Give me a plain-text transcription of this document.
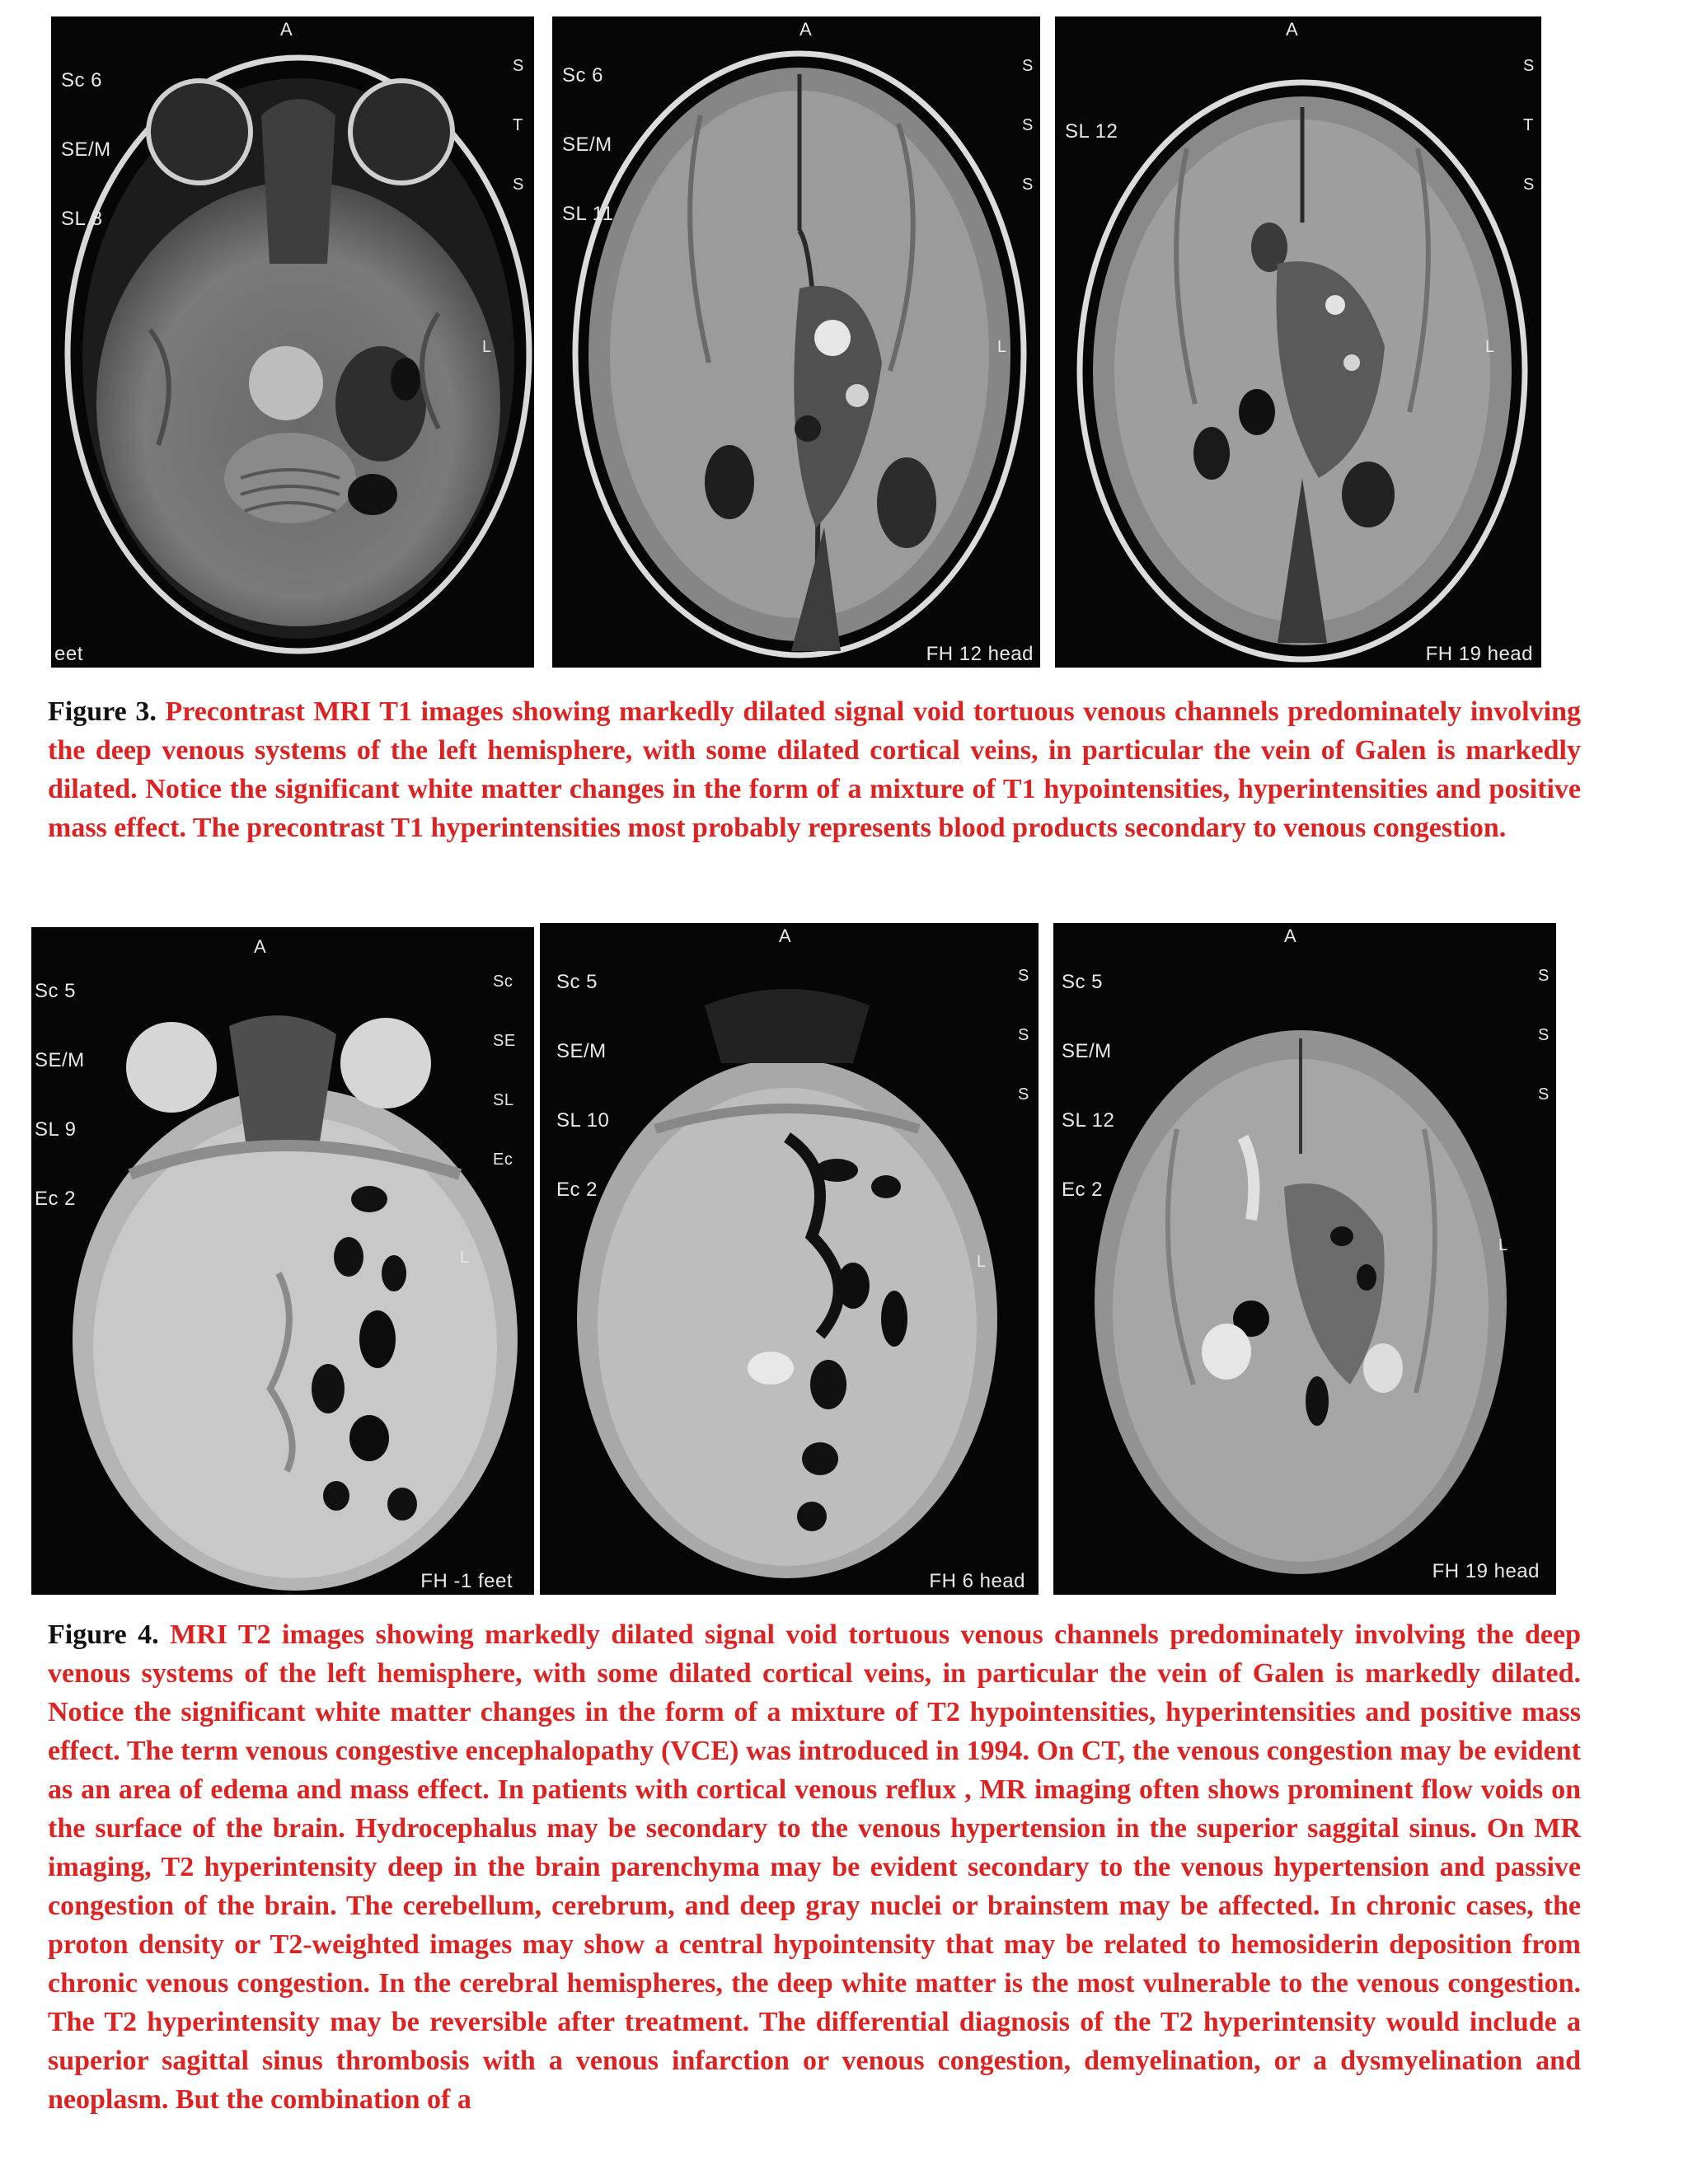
Sc 6

SE/M

SL 8

A
L

S

T

S

eet

Sc 6

SE/M

SL 11

A
L

S

S

S

FH 12 head

SL 12

A
L

S

T

S

FH 19 head
Figure 3. Precontrast MRI T1 images showing markedly dilated signal void tortuous venous channels predominately involving the deep venous systems of the left hemisphere, with some dilated cortical veins, in particular the vein of Galen is markedly dilated. Notice the significant white matter changes in the form of a mixture of T1 hypointensities, hyperintensities and positive mass effect. The precontrast T1 hyperintensities most probably represents blood products secondary to venous congestion.

Sc 5

SE/M

SL 9

Ec 2

A
L

Sc

SE

SL

Ec

FH -1 feet

Sc 5

SE/M

SL 10

Ec 2

A
L

S

S

S

FH 6 head

Sc 5

SE/M

SL 12

Ec 2

A
L

S

S

S

FH 19 head
Figure 4. MRI T2 images showing markedly dilated signal void tortuous venous channels predominately involving the deep venous systems of the left hemisphere, with some dilated cortical veins, in particular the vein of Galen is markedly dilated. Notice the significant white matter changes in the form of a mixture of T2 hypointensities, hyperintensities and positive mass effect. The term venous congestive encephalopathy (VCE) was introduced in 1994. On CT, the venous congestion may be evident as an area of edema and mass effect. In patients with cortical venous reflux , MR imaging often shows prominent flow voids on the surface of the brain. Hydrocephalus may be secondary to the venous hypertension in the superior saggital sinus. On MR imaging, T2 hyperintensity deep in the brain parenchyma may be evident secondary to the venous hypertension and passive congestion of the brain. The cerebellum, cerebrum, and deep gray nuclei or brainstem may be affected. In chronic cases, the proton density or T2-weighted images may show a central hypointensity that may be related to hemosiderin deposition from chronic venous congestion. In the cerebral hemispheres, the deep white matter is the most vulnerable to the venous congestion. The T2 hyperintensity may be reversible after treatment. The differential diagnosis of the T2 hyperintensity would include a superior sagittal sinus thrombosis with a venous infarction or venous congestion, demyelination, or a dysmyelination and neoplasm. But the combination of a
